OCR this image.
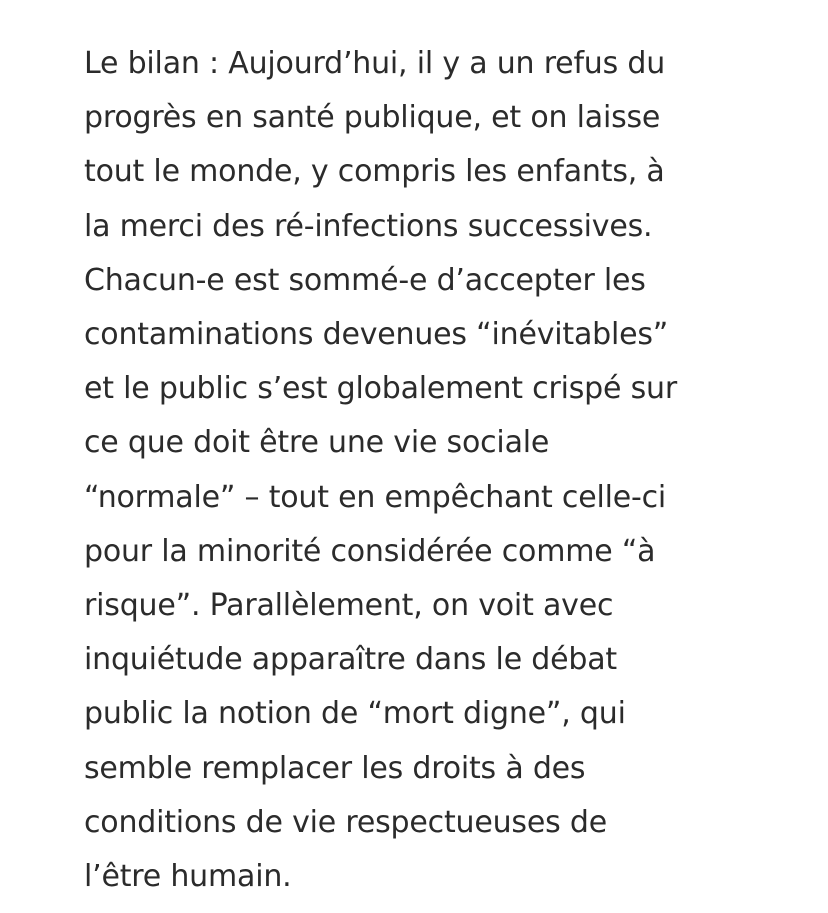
Le bilan : Aujourd’hui, il y a un refus du
progrès en santé publique, et on laisse
tout le monde, y compris les enfants, à
la merci des ré-infections successives.
Chacun-e est sommé-e d’accepter les
contaminations devenues “inévitables”
et le public s’est globalement crispé sur
ce que doit être une vie sociale
“normale” – tout en empêchant celle-ci
pour la minorité considérée comme “à
risque”. Parallèlement, on voit avec
inquiétude apparaître dans le débat
public la notion de “mort digne”, qui
semble remplacer les droits à des
conditions de vie respectueuses de
l’être humain.
